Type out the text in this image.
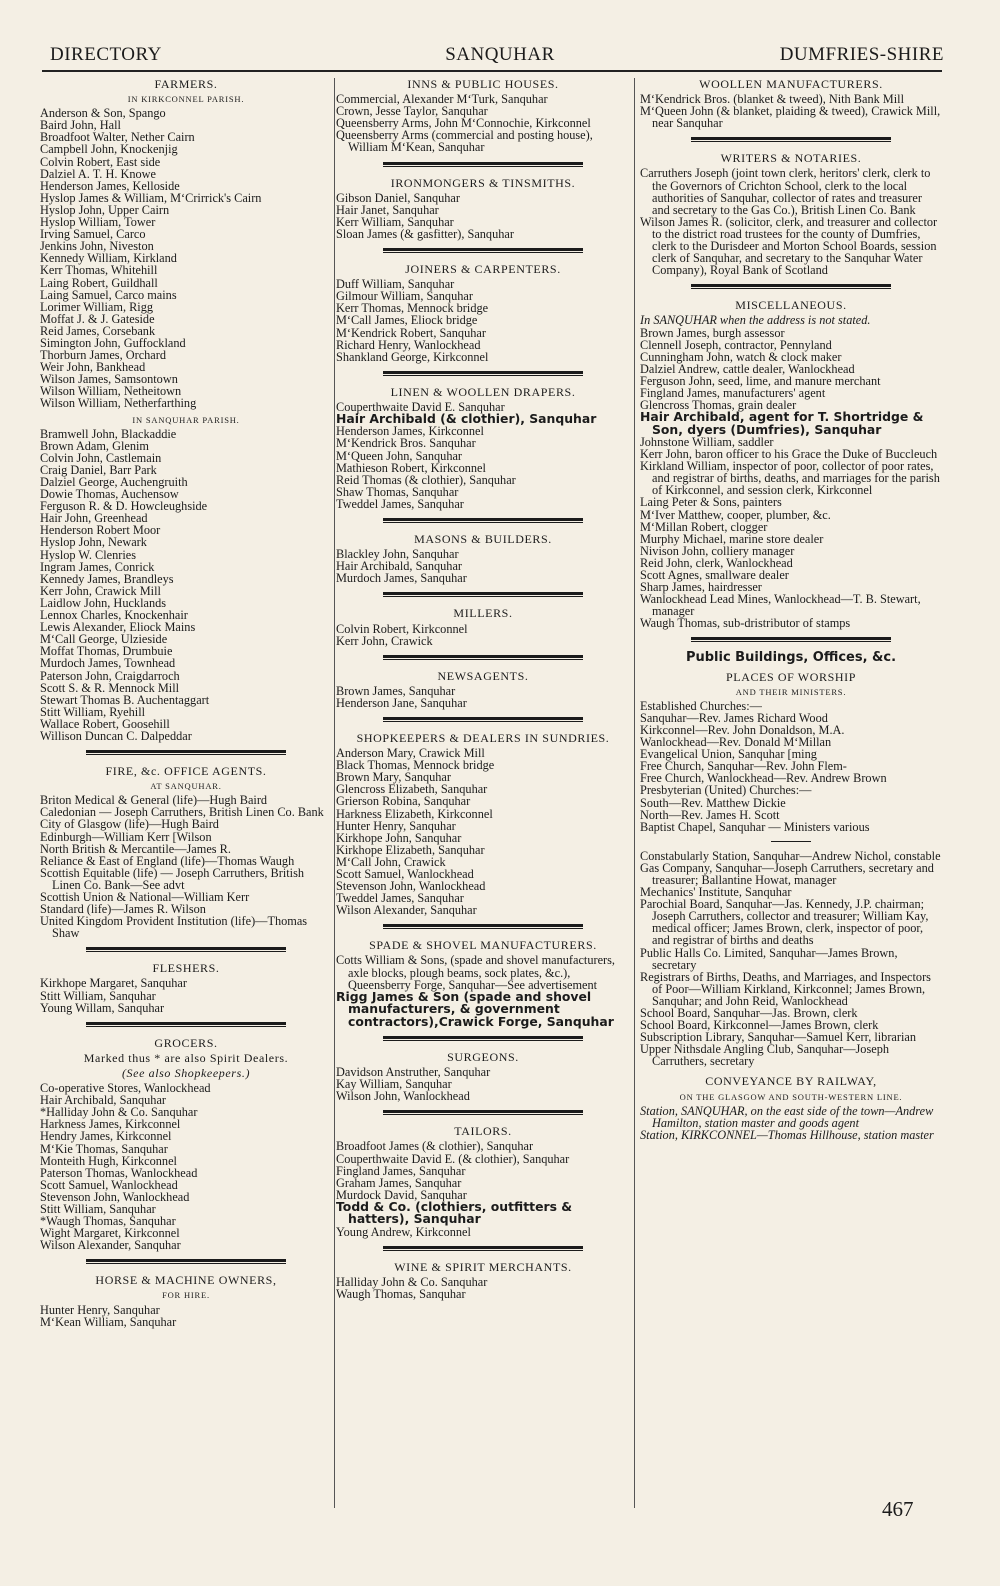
DIRECTORY	SANQUHAR	DUMFRIES-SHIRE
FARMERS.
IN KIRKCONNEL PARISH.
Anderson & Son, Spango
Baird John, Hall
Broadfoot Walter, Nether Cairn
Campbell John, Knockenjig
Colvin Robert, East side
Dalziel A. T. H. Knowe
Henderson James, Kelloside
Hyslop James & William, M‘Crirrick's Cairn
Hyslop John, Upper Cairn
Hyslop William, Tower
Irving Samuel, Carco
Jenkins John, Niveston
Kennedy William, Kirkland
Kerr Thomas, Whitehill
Laing Robert, Guildhall
Laing Samuel, Carco mains
Lorimer William, Rigg
Moffat J. & J. Gateside
Reid James, Corsebank
Simington John, Guffockland
Thorburn James, Orchard
Weir John, Bankhead
Wilson James, Samsontown
Wilson William, Netheitown
Wilson William, Netherfarthing
IN SANQUHAR PARISH.
Bramwell John, Blackaddie
Brown Adam, Glenim
Colvin John, Castlemain
Craig Daniel, Barr Park
Dalziel George, Auchengruith
Dowie Thomas, Auchensow
Ferguson R. & D. Howcleughside
Hair John, Greenhead
Henderson Robert Moor
Hyslop John, Newark
Hyslop W. Clenries
Ingram James, Conrick
Kennedy James, Brandleys
Kerr John, Crawick Mill
Laidlow John, Hucklands
Lennox Charles, Knockenhair
Lewis Alexander, Eliock Mains
M‘Call George, Ulzieside
Moffat Thomas, Drumbuie
Murdoch James, Townhead
Paterson John, Craigdarroch
Scott S. & R. Mennock Mill
Stewart Thomas B. Auchentaggart
Stitt William, Ryehill
Wallace Robert, Goosehill
Willison Duncan C. Dalpeddar
FIRE, &c. OFFICE AGENTS.
AT SANQUHAR.
Briton Medical & General (life)—Hugh Baird
Caledonian — Joseph Carruthers, British Linen Co. Bank
City of Glasgow (life)—Hugh Baird
Edinburgh—William Kerr [Wilson
North British & Mercantile—James R.
Reliance & East of England (life)—Thomas Waugh
Scottish Equitable (life) — Joseph Carruthers, British Linen Co. Bank—See advt
Scottish Union & National—William Kerr
Standard (life)—James R. Wilson
United Kingdom Provident Institution (life)—Thomas Shaw
FLESHERS.
Kirkhope Margaret, Sanquhar
Stitt William, Sanquhar
Young Willam, Sanquhar
GROCERS.
Marked thus * are also Spirit Dealers.
(See also Shopkeepers.)
Co-operative Stores, Wanlockhead
Hair Archibald, Sanquhar
*Halliday John & Co. Sanquhar
Harkness James, Kirkconnel
Hendry James, Kirkconnel
M‘Kie Thomas, Sanquhar
Monteith Hugh, Kirkconnel
Paterson Thomas, Wanlockhead
Scott Samuel, Wanlockhead
Stevenson John, Wanlockhead
Stitt William, Sanquhar
*Waugh Thomas, Sanquhar
Wight Margaret, Kirkconnel
Wilson Alexander, Sanquhar
HORSE & MACHINE OWNERS,
FOR HIRE.
Hunter Henry, Sanquhar
M‘Kean William, Sanquhar
INNS & PUBLIC HOUSES.
Commercial, Alexander M‘Turk, Sanquhar
Crown, Jesse Taylor, Sanquhar
Queensberry Arms, John M‘Connochie, Kirkconnel
Queensberry Arms (commercial and posting house), William M‘Kean, Sanquhar
IRONMONGERS & TINSMITHS.
Gibson Daniel, Sanquhar
Hair Janet, Sanquhar
Kerr William, Sanquhar
Sloan James (& gasfitter), Sanquhar
JOINERS & CARPENTERS.
Duff William, Sanquhar
Gilmour William, Sanquhar
Kerr Thomas, Mennock bridge
M‘Call James, Eliock bridge
M‘Kendrick Robert, Sanquhar
Richard Henry, Wanlockhead
Shankland George, Kirkconnel
LINEN & WOOLLEN DRAPERS.
Couperthwaite David E. Sanquhar
Hair Archibald (& clothier), Sanquhar
Henderson James, Kirkconnel
M‘Kendrick Bros. Sanquhar
M‘Queen John, Sanquhar
Mathieson Robert, Kirkconnel
Reid Thomas (& clothier), Sanquhar
Shaw Thomas, Sanquhar
Tweddel James, Sanquhar
MASONS & BUILDERS.
Blackley John, Sanquhar
Hair Archibald, Sanquhar
Murdoch James, Sanquhar
MILLERS.
Colvin Robert, Kirkconnel
Kerr John, Crawick
NEWSAGENTS.
Brown James, Sanquhar
Henderson Jane, Sanquhar
SHOPKEEPERS & DEALERS IN SUNDRIES.
Anderson Mary, Crawick Mill
Black Thomas, Mennock bridge
Brown Mary, Sanquhar
Glencross Elizabeth, Sanquhar
Grierson Robina, Sanquhar
Harkness Elizabeth, Kirkconnel
Hunter Henry, Sanquhar
Kirkhope John, Sanquhar
Kirkhope Elizabeth, Sanquhar
M‘Call John, Crawick
Scott Samuel, Wanlockhead
Stevenson John, Wanlockhead
Tweddel James, Sanquhar
Wilson Alexander, Sanquhar
SPADE & SHOVEL MANUFACTURERS.
Cotts William & Sons, (spade and shovel manufacturers, axle blocks, plough beams, sock plates, &c.), Queensberry Forge, Sanquhar—See advertisement
Rigg James & Son (spade and shovel manufacturers, & government contractors),Crawick Forge, Sanquhar
SURGEONS.
Davidson Anstruther, Sanquhar
Kay William, Sanquhar
Wilson John, Wanlockhead
TAILORS.
Broadfoot James (& clothier), Sanquhar
Couperthwaite David E. (& clothier), Sanquhar
Fingland James, Sanquhar
Graham James, Sanquhar
Murdock David, Sanquhar
Todd & Co. (clothiers, outfitters & hatters), Sanquhar
Young Andrew, Kirkconnel
WINE & SPIRIT MERCHANTS.
Halliday John & Co. Sanquhar
Waugh Thomas, Sanquhar
WOOLLEN MANUFACTURERS.
M‘Kendrick Bros. (blanket & tweed), Nith Bank Mill
M‘Queen John (& blanket, plaiding & tweed), Crawick Mill, near Sanquhar
WRITERS & NOTARIES.
Carruthers Joseph (joint town clerk, heritors' clerk, clerk to the Governors of Crichton School, clerk to the local authorities of Sanquhar, collector of rates and treasurer and secretary to the Gas Co.), British Linen Co. Bank
Wilson James R. (solicitor, clerk, and treasurer and collector to the district road trustees for the county of Dumfries, clerk to the Durisdeer and Morton School Boards, session clerk of Sanquhar, and secretary to the Sanquhar Water Company), Royal Bank of Scotland
MISCELLANEOUS.
In SANQUHAR when the address is not stated.
Brown James, burgh assessor
Clennell Joseph, contractor, Pennyland
Cunningham John, watch & clock maker
Dalziel Andrew, cattle dealer, Wanlockhead
Ferguson John, seed, lime, and manure merchant
Fingland James, manufacturers' agent
Glencross Thomas, grain dealer
Hair Archibald, agent for T. Shortridge & Son, dyers (Dumfries), Sanquhar
Johnstone William, saddler
Kerr John, baron officer to his Grace the Duke of Buccleuch
Kirkland William, inspector of poor, collector of poor rates, and registrar of births, deaths, and marriages for the parish of Kirkconnel, and session clerk, Kirkconnel
Laing Peter & Sons, painters
M‘Iver Matthew, cooper, plumber, &c.
M‘Millan Robert, clogger
Murphy Michael, marine store dealer
Nivison John, colliery manager
Reid John, clerk, Wanlockhead
Scott Agnes, smallware dealer
Sharp James, hairdresser
Wanlockhead Lead Mines, Wanlockhead—T. B. Stewart, manager
Waugh Thomas, sub-dristributor of stamps
Public Buildings, Offices, &c.
PLACES OF WORSHIP
AND THEIR MINISTERS.
Established Churches:—
Sanquhar—Rev. James Richard Wood
Kirkconnel—Rev. John Donaldson, M.A.
Wanlockhead—Rev. Donald M‘Millan
Evangelical Union, Sanquhar [ming
Free Church, Sanquhar—Rev. John Flem-
Free Church, Wanlockhead—Rev. Andrew Brown
Presbyterian (United) Churches:—
South—Rev. Matthew Dickie
North—Rev. James H. Scott
Baptist Chapel, Sanquhar — Ministers various
Constabularly Station, Sanquhar—Andrew Nichol, constable
Gas Company, Sanquhar—Joseph Carruthers, secretary and treasurer; Ballantine Howat, manager
Mechanics' Institute, Sanquhar
Parochial Board, Sanquhar—Jas. Kennedy, J.P. chairman; Joseph Carruthers, collector and treasurer; William Kay, medical officer; James Brown, clerk, inspector of poor, and registrar of births and deaths
Public Halls Co. Limited, Sanquhar—James Brown, secretary
Registrars of Births, Deaths, and Marriages, and Inspectors of Poor—William Kirkland, Kirkconnel; James Brown, Sanquhar; and John Reid, Wanlockhead
School Board, Sanquhar—Jas. Brown, clerk
School Board, Kirkconnel—James Brown, clerk
Subscription Library, Sanquhar—Samuel Kerr, librarian
Upper Nithsdale Angling Club, Sanquhar—Joseph Carruthers, secretary
CONVEYANCE BY RAILWAY,
ON THE GLASGOW AND SOUTH-WESTERN LINE.
Station, SANQUHAR, on the east side of the town—Andrew Hamilton, station master and goods agent
Station, KIRKCONNEL—Thomas Hillhouse, station master
467
